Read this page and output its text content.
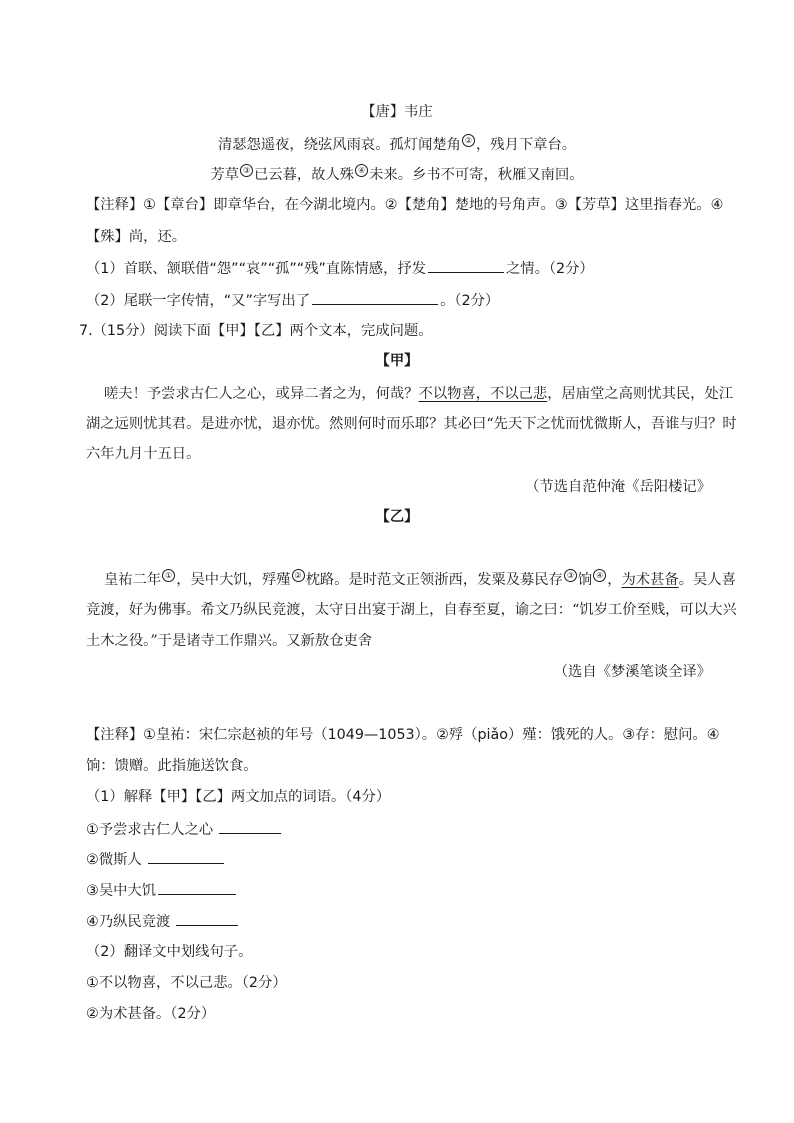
【唐】韦庄
清瑟怨遥夜，绕弦风雨哀。孤灯闻楚角 ② ，残月下章台。
芳草 ③ 已云暮，故人殊 ④ 未来。乡书不可寄，秋雁又南回。
【注释】①【章台】即章华台，在今湖北境内。②【楚角】楚地的号角声。③【芳草】这里指春光。④
【殊】尚，还。
（1）首联、颔联借“怨”“哀”“孤”“残”直陈情感，抒发	之情。（2分）
（2）尾联一字传情，“又”字写出了	。（2分）
7.（15分）阅读下面【甲】【乙】两个文本，完成问题。
【甲】
嗟夫！予尝求古仁人之心，或异二者之为，何哉？不以物喜，不以己悲，居庙堂之高则忧其民，处江
湖之远则忧其君。是进亦忧，退亦忧。然则何时而乐耶？其必曰“先天下之忧而忧微斯人，吾谁与归？时
六年九月十五日。
（节选自范仲淹《岳阳楼记》
【乙】
皇祐二年 ① ，吴中大饥，殍殣 ② 枕路。是时范文正领浙西，发粟及募民存 ③ 饷 ④ ，为术甚备。吴人喜
竞渡，好为佛事。希文乃纵民竞渡，太守日出宴于湖上，自春至夏，谕之曰：“饥岁工价至贱，可以大兴
土木之役。”于是诸寺工作鼎兴。又新敖仓吏舍
（选自《梦溪笔谈全译》
【注释】①皇祐：宋仁宗赵祯的年号（1049—1053）。②殍（piǎo）殣：饿死的人。③存：慰问。④
饷：馈赠。此指施送饮食。
（1）解释【甲】【乙】两文加点的词语。（4分）
①予尝求古仁人之心
②微斯人
③吴中大饥
④乃纵民竞渡
（2）翻译文中划线句子。
①不以物喜，不以己悲。（2分）
②为术甚备。（2分）
